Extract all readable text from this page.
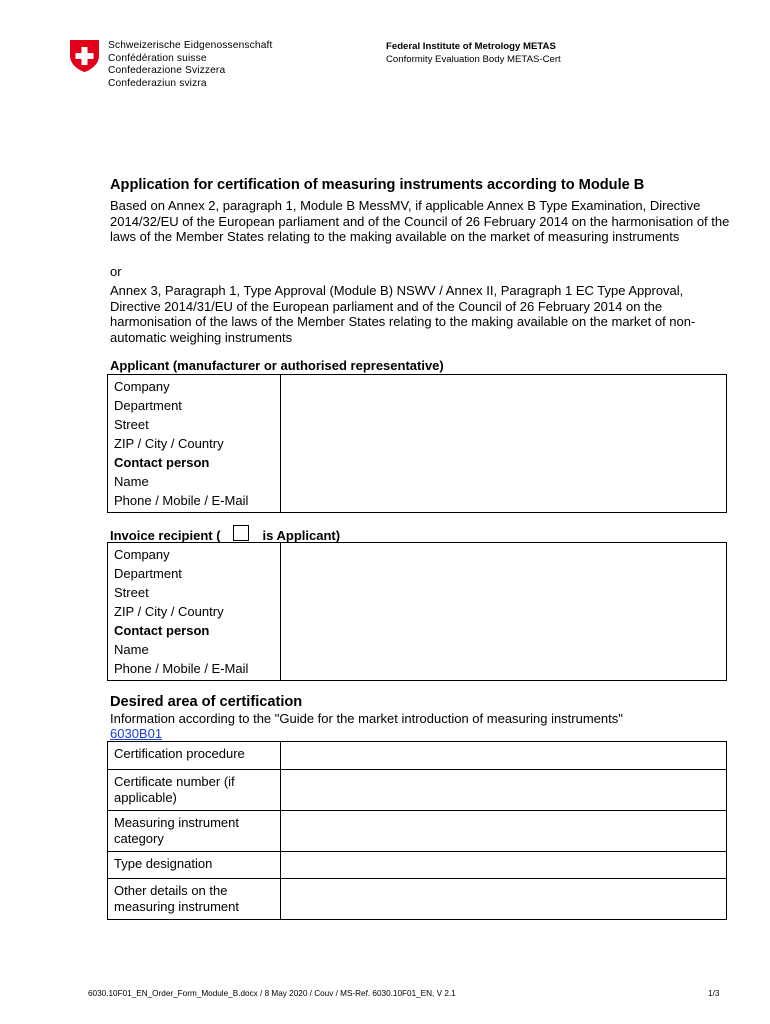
Schweizerische Eidgenossenschaft
Confédération suisse
Confederazione Svizzera
Confederaziun svizra
Federal Institute of Metrology METAS
Conformity Evaluation Body METAS-Cert
Application for certification of measuring instruments according to Module B
Based on Annex 2, paragraph 1, Module B MessMV, if applicable Annex B Type Examination, Directive 2014/32/EU of the European parliament and of the Council of 26 February 2014 on the harmonisation of the laws of the Member States relating to the making available on the market of measuring instruments
or
Annex 3, Paragraph 1, Type Approval (Module B) NSWV / Annex II, Paragraph 1 EC Type Approval, Directive 2014/31/EU of the European parliament and of the Council of 26 February 2014 on the harmonisation of the laws of the Member States relating to the making available on the market of non-automatic weighing instruments
Applicant (manufacturer or authorised representative)
Company
Department
Street
ZIP / City / Country
Contact person
Name
Phone / Mobile / E-Mail

Invoice recipient (	is Applicant)
Company
Department
Street
ZIP / City / Country
Contact person
Name
Phone / Mobile / E-Mail

Desired area of certification
Information according to the "Guide for the market introduction of measuring instruments"
6030B01
Certification procedure	
Certificate number (if applicable)	
Measuring instrument category	
Type designation	
Other details on the measuring instrument	
6030.10F01_EN_Order_Form_Module_B.docx / 8 May 2020 / Couv / MS-Ref. 6030.10F01_EN, V 2.1	1/3
